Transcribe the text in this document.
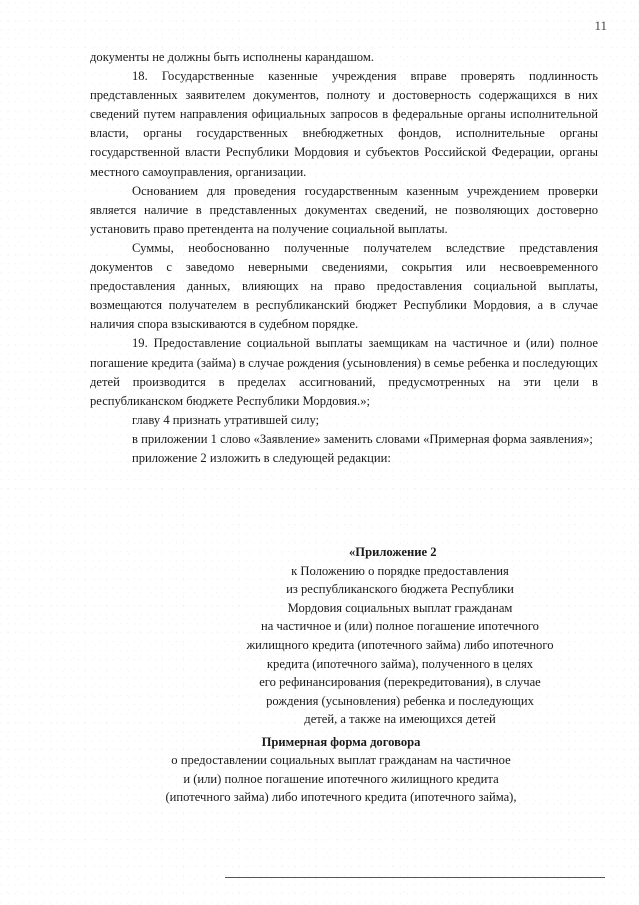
11

документы не должны быть исполнены карандашом.

18. Государственные казенные учреждения вправе проверять подлинность представленных заявителем документов, полноту и достоверность содержащихся в них сведений путем направления официальных запросов в федеральные органы исполнительной власти, органы государственных внебюджетных фондов, исполнительные органы государственной власти Республики Мордовия и субъектов Российской Федерации, органы местного самоуправления, организации.

Основанием для проведения государственным казенным учреждением проверки является наличие в представленных документах сведений, не позволяющих достоверно установить право претендента на получение социальной выплаты.

Суммы, необоснованно полученные получателем вследствие представления документов с заведомо неверными сведениями, сокрытия или несвоевременного предоставления данных, влияющих на право предоставления социальной выплаты, возмещаются получателем в республиканский бюджет Республики Мордовия, а в случае наличия спора взыскиваются в судебном порядке.

19. Предоставление социальной выплаты заемщикам на частичное и (или) полное погашение кредита (займа) в случае рождения (усыновления) в семье ребенка и последующих детей производится в пределах ассигнований, предусмотренных на эти цели в республиканском бюджете Республики Мордовия.»;

главу 4 признать утратившей силу;

в приложении 1 слово «Заявление» заменить словами «Примерная форма заявления»;

приложение 2 изложить в следующей редакции:

«Приложение 2
к Положению о порядке предоставления
из республиканского бюджета Республики
Мордовия социальных выплат гражданам
на частичное и (или) полное погашение ипотечного
жилищного кредита (ипотечного займа) либо ипотечного
кредита (ипотечного займа), полученного в целях
его рефинансирования (перекредитования), в случае
рождения (усыновления) ребенка и последующих
детей, а также на имеющихся детей
Примерная форма договора
о предоставлении социальных выплат гражданам на частичное
и (или) полное погашение ипотечного жилищного кредита
(ипотечного займа) либо ипотечного кредита (ипотечного займа),
